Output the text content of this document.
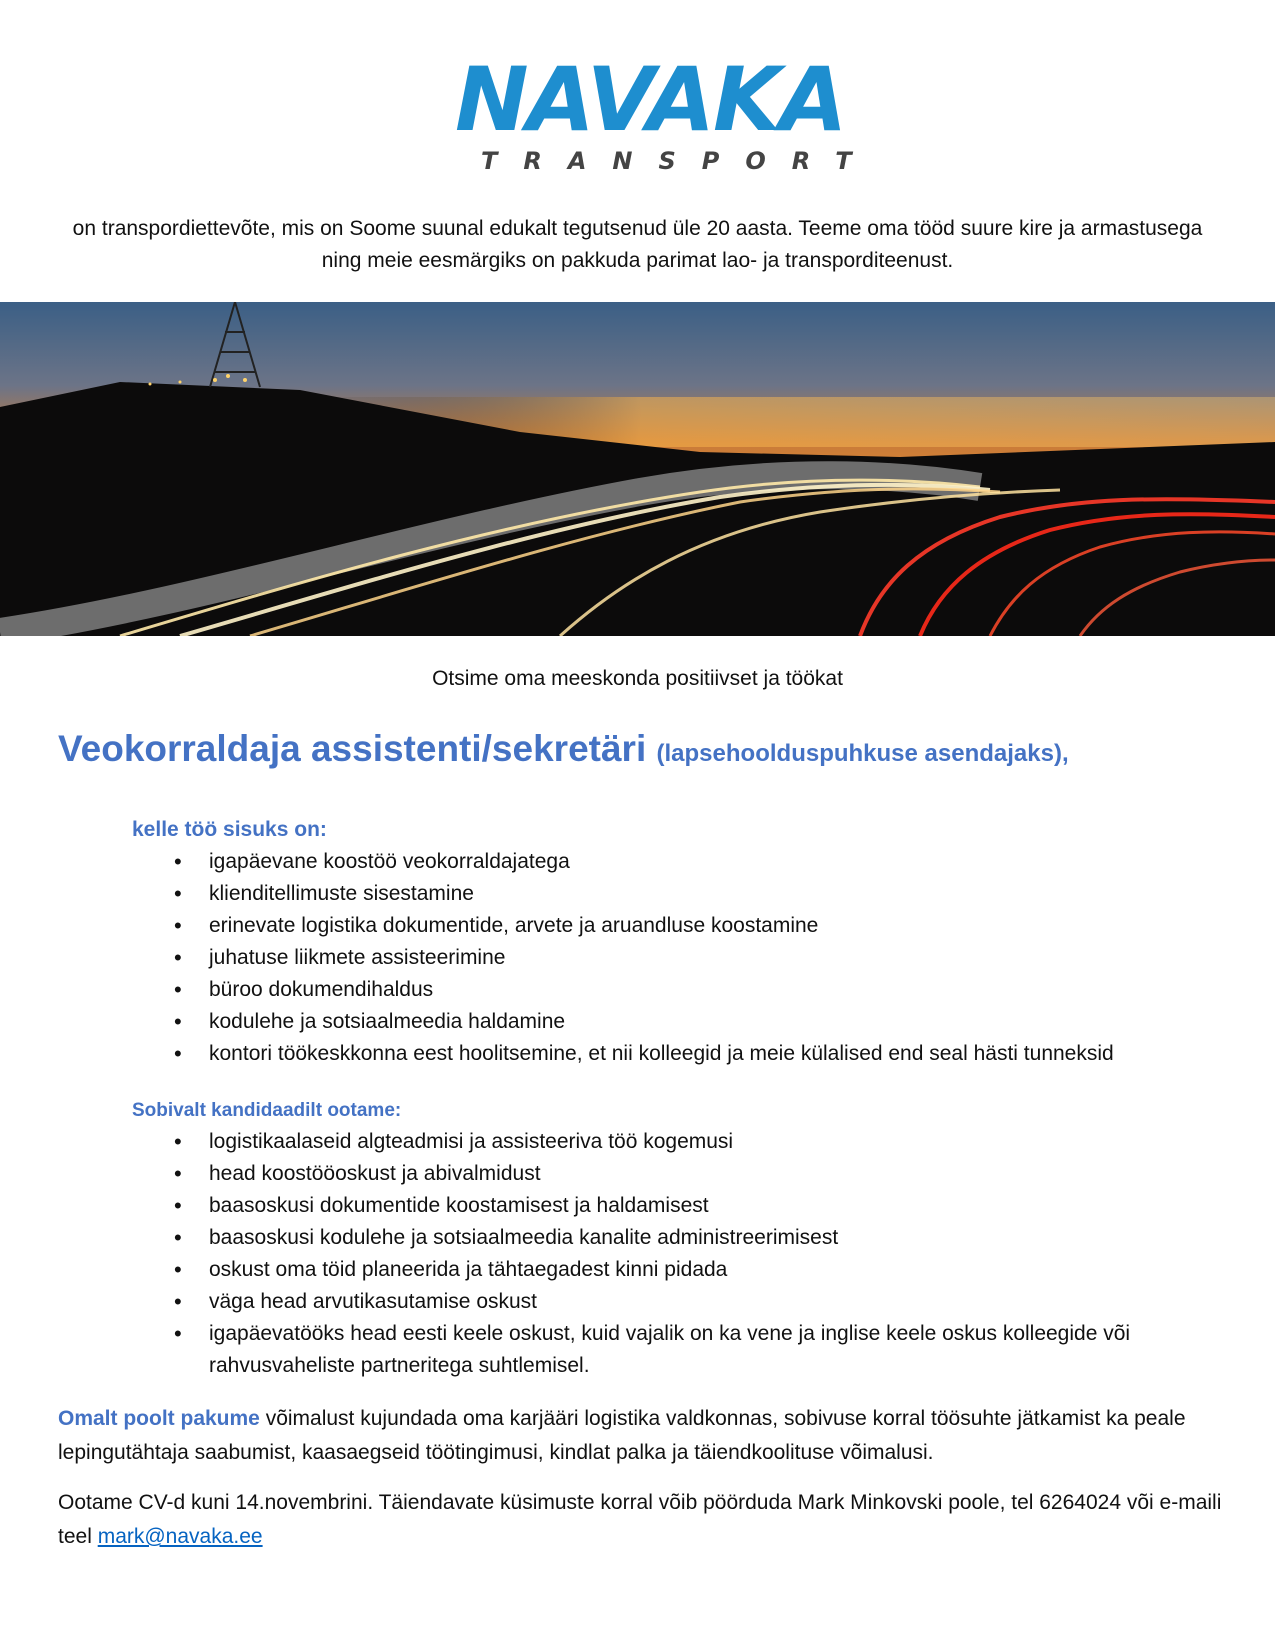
NAVAKA
TRANSPORT
on transpordiettevõte, mis on Soome suunal edukalt tegutsenud üle 20 aasta. Teeme oma tööd suure kire ja armastusega ning meie eesmärgiks on pakkuda parimat lao- ja transporditeenust.
Otsime oma meeskonda positiivset ja töökat
Veokorraldaja assistenti/sekretäri (lapsehoolduspuhkuse asendajaks),
kelle töö sisuks on:
• igapäevane koostöö veokorraldajatega
• klienditellimuste sisestamine
• erinevate logistika dokumentide, arvete ja aruandluse koostamine
• juhatuse liikmete assisteerimine
• büroo dokumendihaldus
• kodulehe ja sotsiaalmeedia haldamine
• kontori töökeskkonna eest hoolitsemine, et nii kolleegid ja meie külalised end seal hästi tunneksid
Sobivalt kandidaadilt ootame:
• logistikaalaseid algteadmisi ja assisteeriva töö kogemusi
• head koostööoskust ja abivalmidust
• baasoskusi dokumentide koostamisest ja haldamisest
• baasoskusi kodulehe ja sotsiaalmeedia kanalite administreerimisest
• oskust oma töid planeerida ja tähtaegadest kinni pidada
• väga head arvutikasutamise oskust
• igapäevatööks head eesti keele oskust, kuid vajalik on ka vene ja inglise keele oskus kolleegide või rahvusvaheliste partneritega suhtlemisel.
Omalt poolt pakume võimalust kujundada oma karjääri logistika valdkonnas, sobivuse korral töösuhte jätkamist ka peale lepingutähtaja saabumist, kaasaegseid töötingimusi, kindlat palka ja täiendkoolituse võimalusi.
Ootame CV-d kuni 14.novembrini. Täiendavate küsimuste korral võib pöörduda Mark Minkovski poole, tel 6264024 või e-maili teel mark@navaka.ee
